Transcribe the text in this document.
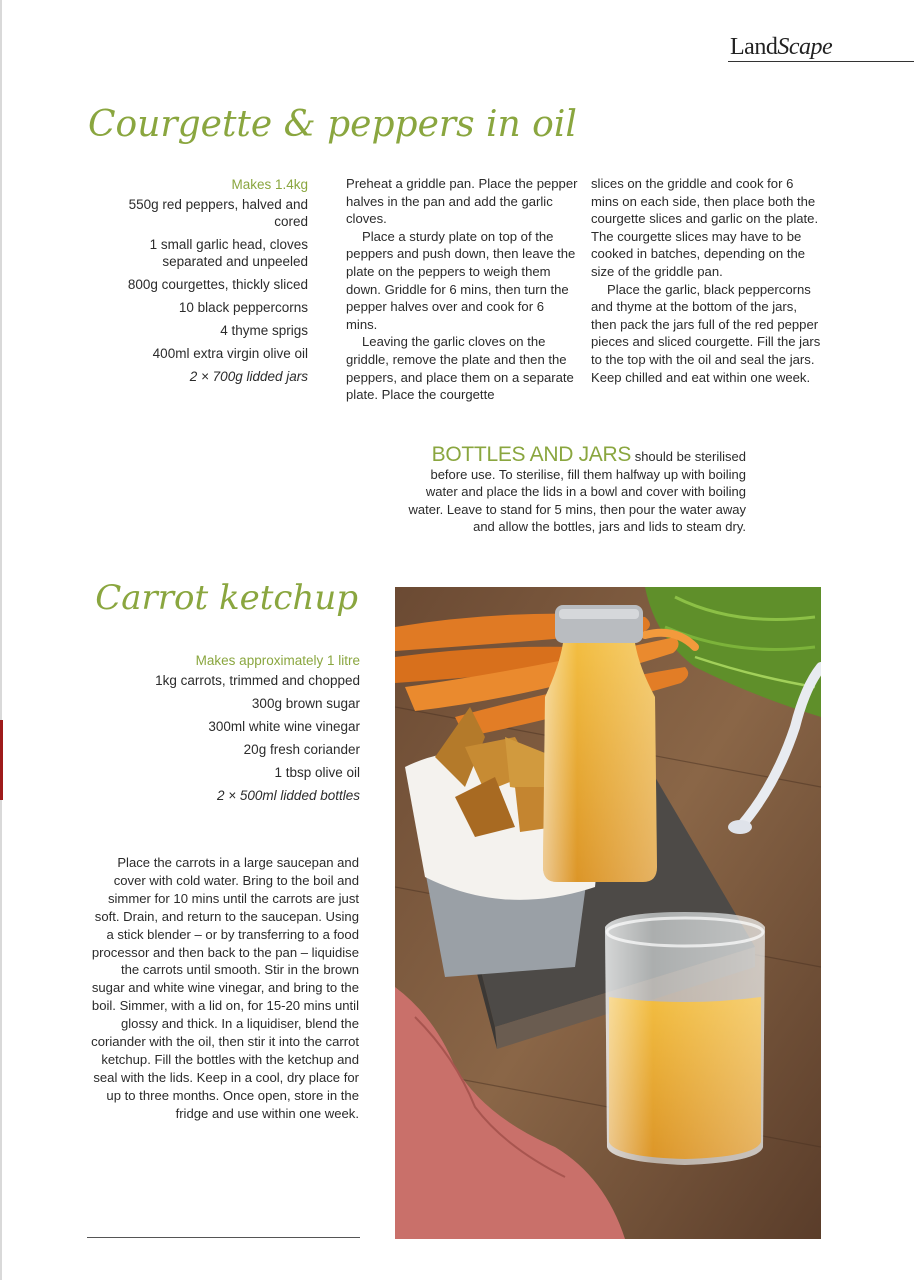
LandScape
Courgette & peppers in oil
Makes 1.4kg
550g red peppers, halved and cored
1 small garlic head, cloves separated and unpeeled
800g courgettes, thickly sliced
10 black peppercorns
4 thyme sprigs
400ml extra virgin olive oil
2 × 700g lidded jars

Preheat a griddle pan. Place the pepper halves in the pan and add the garlic cloves.

Place a sturdy plate on top of the peppers and push down, then leave the plate on the peppers to weigh them down. Griddle for 6 mins, then turn the pepper halves over and cook for 6 mins.

Leaving the garlic cloves on the griddle, remove the plate and then the peppers, and place them on a separate plate. Place the courgette

slices on the griddle and cook for 6 mins on each side, then place both the courgette slices and garlic on the plate. The courgette slices may have to be cooked in batches, depending on the size of the griddle pan.

Place the garlic, black peppercorns and thyme at the bottom of the jars, then pack the jars full of the red pepper pieces and sliced courgette. Fill the jars to the top with the oil and seal the jars. Keep chilled and eat within one week.

BOTTLES AND JARS should be sterilised before use. To sterilise, fill them halfway up with boiling water and place the lids in a bowl and cover with boiling water. Leave to stand for 5 mins, then pour the water away and allow the bottles, jars and lids to steam dry.
Carrot ketchup
Makes approximately 1 litre
1kg carrots, trimmed and chopped
300g brown sugar
300ml white wine vinegar
20g fresh coriander
1 tbsp olive oil
2 × 500ml lidded bottles
Place the carrots in a large saucepan and cover with cold water. Bring to the boil and simmer for 10 mins until the carrots are just soft. Drain, and return to the saucepan. Using a stick blender – or by transferring to a food processor and then back to the pan – liquidise the carrots until smooth. Stir in the brown sugar and white wine vinegar, and bring to the boil. Simmer, with a lid on, for 15-20 mins until glossy and thick. In a liquidiser, blend the coriander with the oil, then stir it into the carrot ketchup. Fill the bottles with the ketchup and seal with the lids. Keep in a cool, dry place for up to three months. Once open, store in the fridge and use within one week.
